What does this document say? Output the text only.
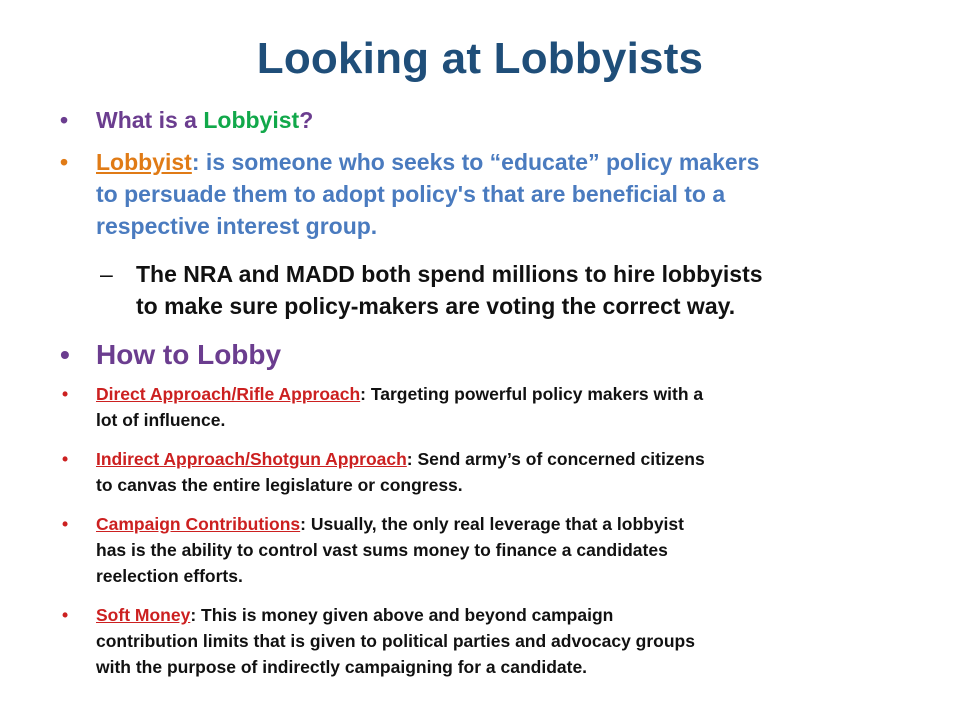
Looking at Lobbyists
• What is a Lobbyist?
• Lobbyist: is someone who seeks to “educate” policy makers
to persuade them to adopt policy's that are beneficial to a
respective interest group.
– The NRA and MADD both spend millions to hire lobbyists
to make sure policy-makers are voting the correct way.
• How to Lobby
• Direct Approach/Rifle Approach: Targeting powerful policy makers with a
lot of influence.
• Indirect Approach/Shotgun Approach: Send army’s of concerned citizens
to canvas the entire legislature or congress.
• Campaign Contributions: Usually, the only real leverage that a lobbyist
has is the ability to control vast sums money to finance a candidates
reelection efforts.
• Soft Money: This is money given above and beyond campaign
contribution limits that is given to political parties and advocacy groups
with the purpose of indirectly campaigning for a candidate.
